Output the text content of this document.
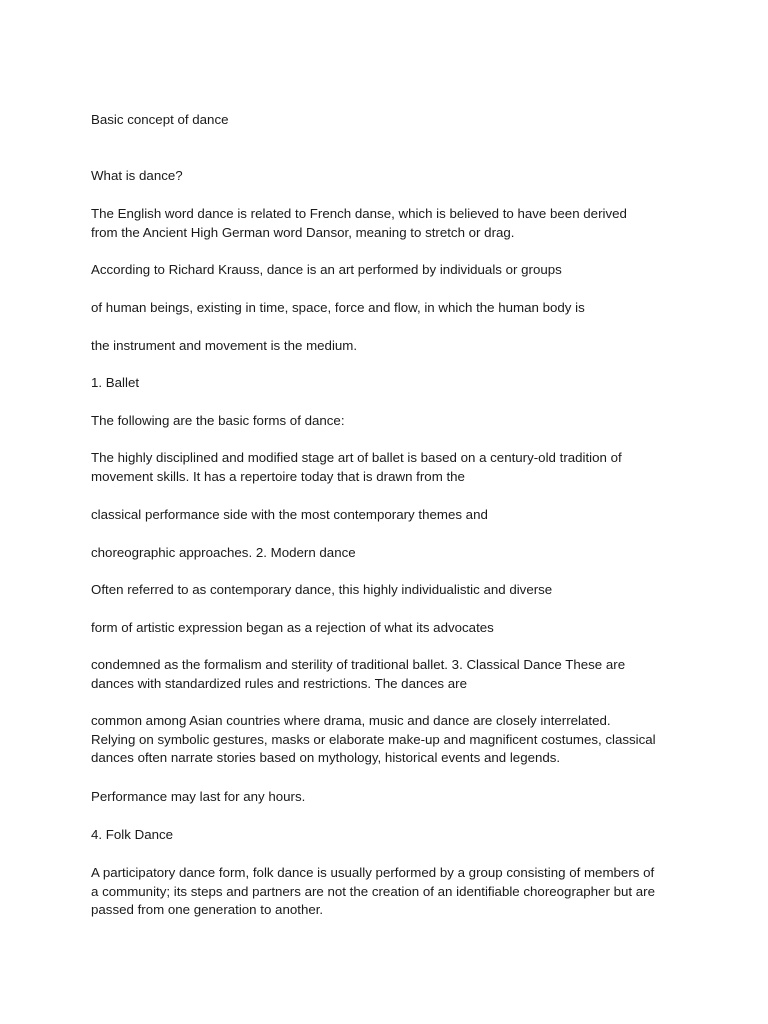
Basic concept of dance

What is dance?

The English word dance is related to French danse, which is believed to have been derived
from the Ancient High German word Dansor, meaning to stretch or drag.

According to Richard Krauss, dance is an art performed by individuals or groups

of human beings, existing in time, space, force and flow, in which the human body is

the instrument and movement is the medium.

1. Ballet

The following are the basic forms of dance:

The highly disciplined and modified stage art of ballet is based on a century-old tradition of
movement skills. It has a repertoire today that is drawn from the

classical performance side with the most contemporary themes and

choreographic approaches. 2. Modern dance

Often referred to as contemporary dance, this highly individualistic and diverse

form of artistic expression began as a rejection of what its advocates

condemned as the formalism and sterility of traditional ballet. 3. Classical Dance These are
dances with standardized rules and restrictions. The dances are

common among Asian countries where drama, music and dance are closely interrelated.
Relying on symbolic gestures, masks or elaborate make-up and magnificent costumes, classical
dances often narrate stories based on mythology, historical events and legends.

Performance may last for any hours.

4. Folk Dance

A participatory dance form, folk dance is usually performed by a group consisting of members of
a community; its steps and partners are not the creation of an identifiable choreographer but are
passed from one generation to another.
